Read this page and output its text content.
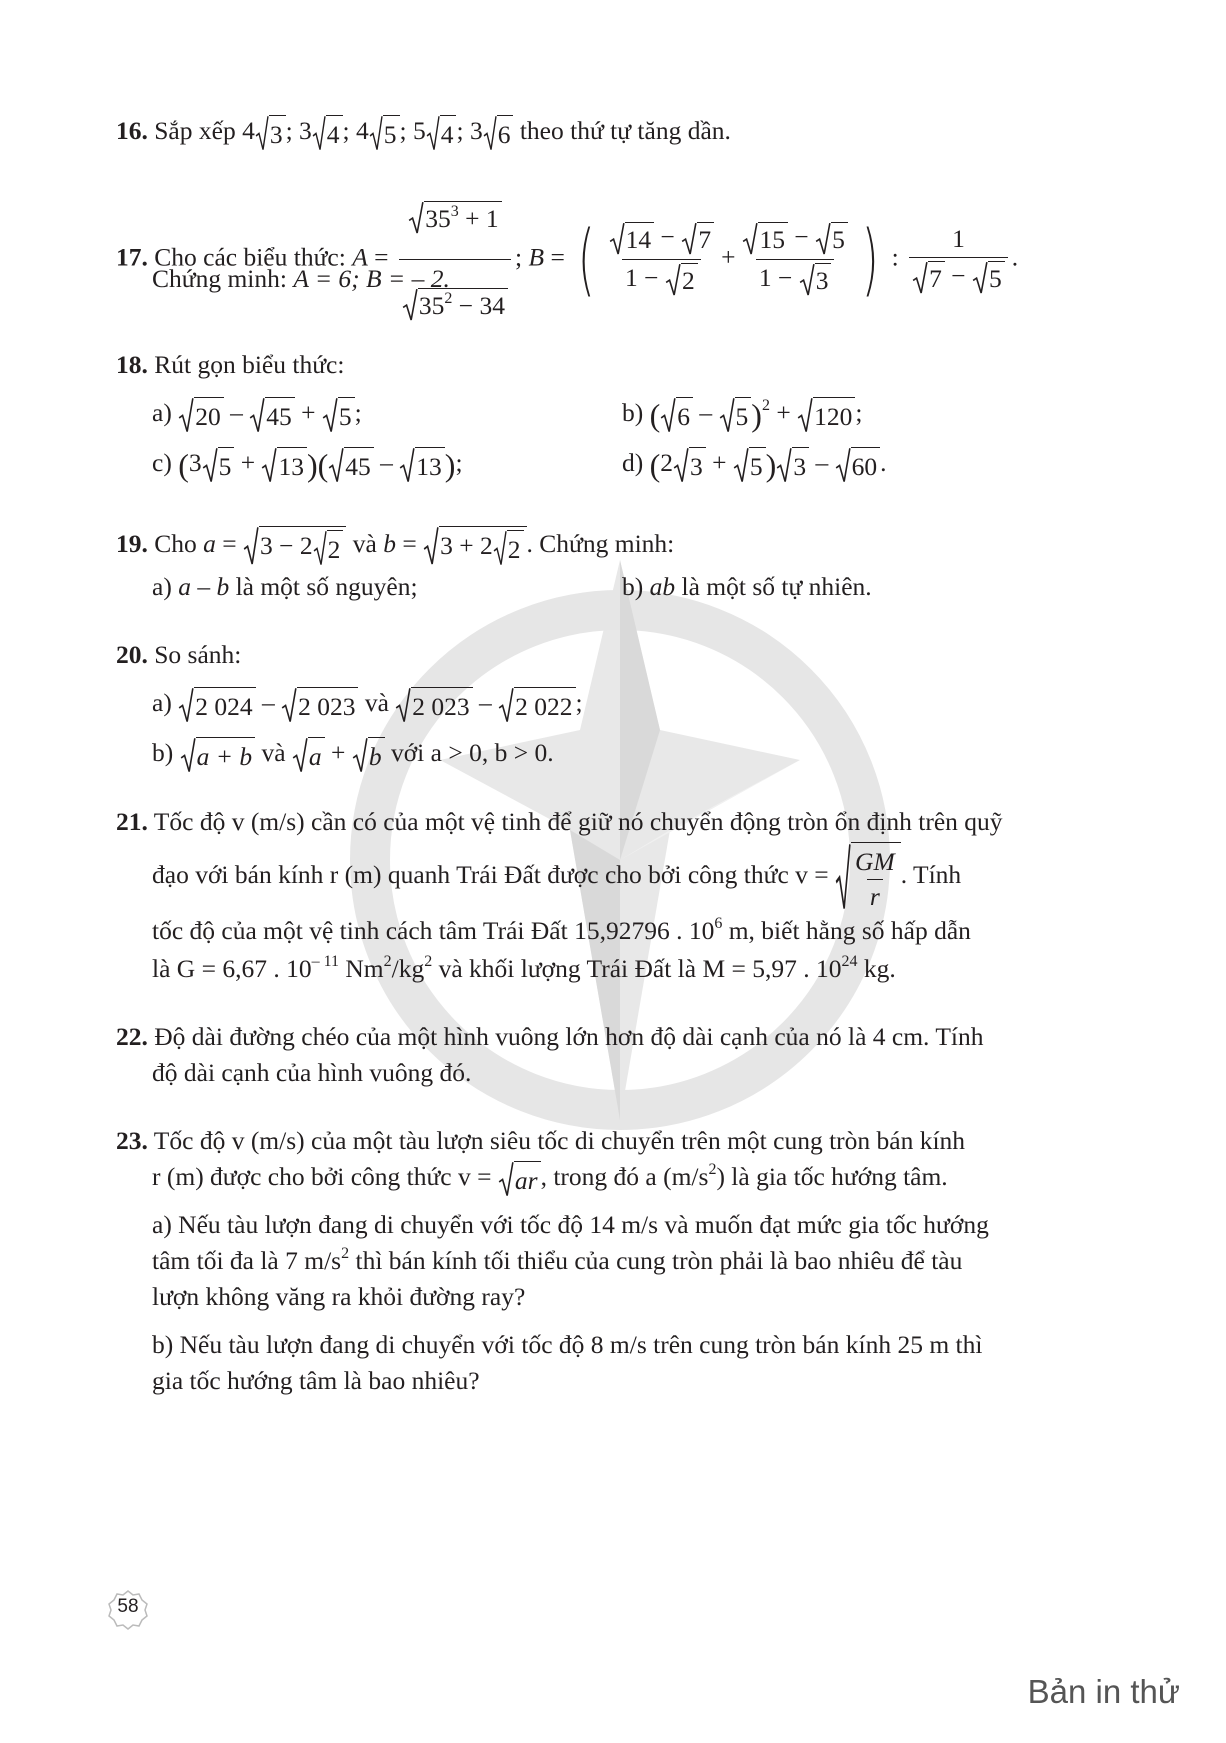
16. Sắp xếp 4 3 ; 3 4 ; 4 5 ; 5 4 ; 3 6 theo thứ tự tăng dần.
17. Cho các biểu thức: $A = \frac{35^3 + 1}{35^2 - 34}$ ; B = ( $\frac{14 - 7}{1 - 2} + \frac{15 - 5}{1 - 3}$ ) : $\frac{1}{7 - 5}$ .
Chứng minh: A = 6; B = – 2.
18. Rút gọn biểu thức:
a) 20 – 45 + 5 ;	b) ( 6 – 5 )$^2$ + 120 ;
c) (3 5 + 13 )( 45 – 13 );	d) (2 3 + 5 ) 3 – 60 .
19. Cho a = 3 − 2 2 và b = 3 + 2 2 . Chứng minh:
a) a – b là một số nguyên;	b) ab là một số tự nhiên.
20. So sánh:
a) 2 024 – 2 023 và 2 023 – 2 022 ;
b) a + b và a + b với a > 0, b > 0.
21. Tốc độ v (m/s) cần có của một vệ tinh để giữ nó chuyển động tròn ổn định trên quỹ
đạo với bán kính r (m) quanh Trái Đất được cho bởi công thức $v = \frac{GM}{r}$ . Tính
tốc độ của một vệ tinh cách tâm Trái Đất 15,92796 . $10^6$ m, biết hằng số hấp dẫn
là G = 6,67 . $10^{- 11}$ $Nm^2/kg^2$ và khối lượng Trái Đất là M = 5,97 . $10^{24}$ kg.
22. Độ dài đường chéo của một hình vuông lớn hơn độ dài cạnh của nó là 4 cm. Tính
độ dài cạnh của hình vuông đó.
23. Tốc độ v (m/s) của một tàu lượn siêu tốc di chuyển trên một cung tròn bán kính
r (m) được cho bởi công thức v = ar , trong đó a $(m/s^2)$ là gia tốc hướng tâm.
a) Nếu tàu lượn đang di chuyển với tốc độ 14 m/s và muốn đạt mức gia tốc hướng
tâm tối đa là 7 $m/s^2$ thì bán kính tối thiểu của cung tròn phải là bao nhiêu để tàu
lượn không văng ra khỏi đường ray?
b) Nếu tàu lượn đang di chuyển với tốc độ 8 m/s trên cung tròn bán kính 25 m thì
gia tốc hướng tâm là bao nhiêu?
58
Bản in thử
